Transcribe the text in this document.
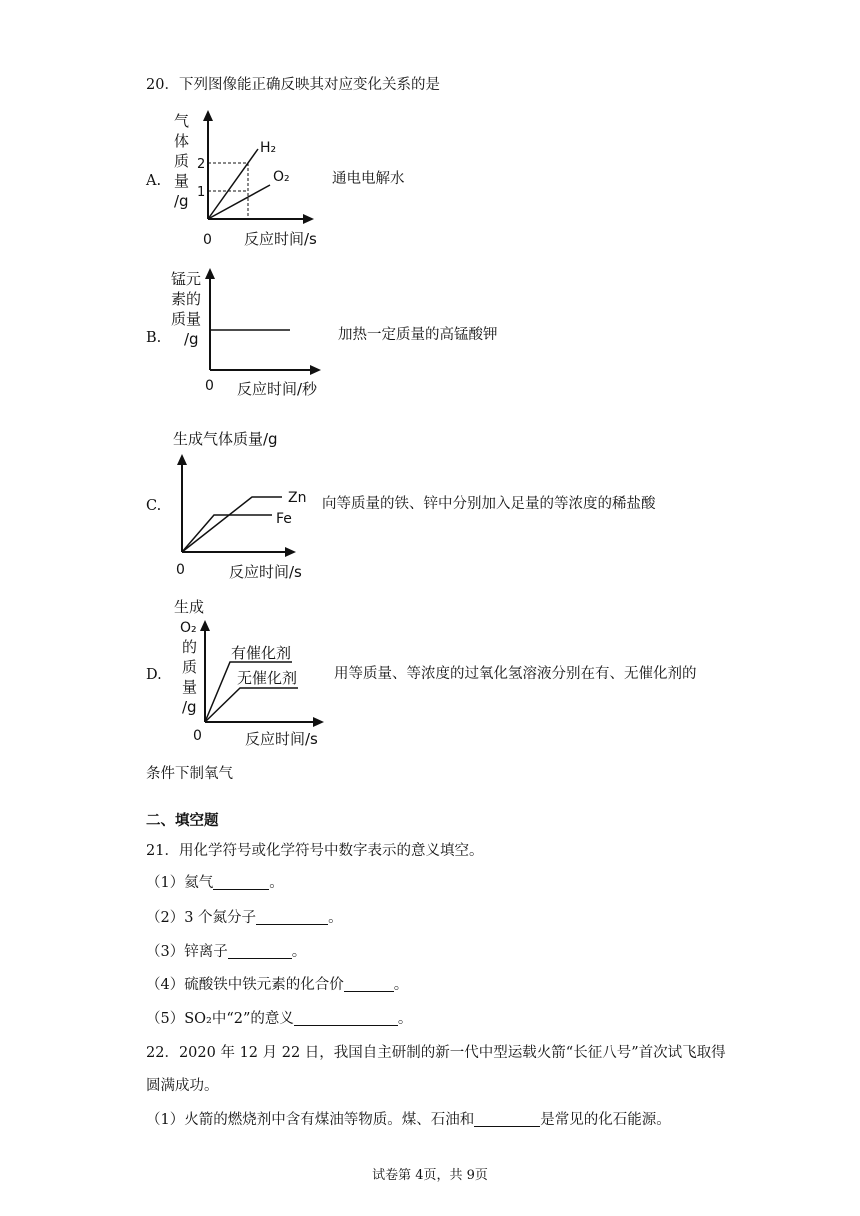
20．下列图像能正确反映其对应变化关系的是
A.
气
体
质
量
/g
2
1
H₂
O₂
0 反应时间/s
通电电解水
B.
锰元
素的
质量
/g
0 反应时间/秒
加热一定质量的高锰酸钾
C.
生成气体质量/g
Zn
Fe
0	反应时间/s
向等质量的铁、锌中分别加入足量的等浓度的稀盐酸
D.
生成
O₂
的
质
量
/g
有催化剂
无催化剂
0	反应时间/s
用等质量、等浓度的过氧化氢溶液分别在有、无催化剂的
条件下制氧气
二、填空题
21．用化学符号或化学符号中数字表示的意义填空。
（1）氦气	。
（2）3 个氮分子	。
（3）锌离子	。
（4）硫酸铁中铁元素的化合价	。
（5）SO₂中“2”的意义	。
22．2020 年 12 月 22 日，我国自主研制的新一代中型运载火箭“长征八号”首次试飞取得
圆满成功。
（1）火箭的燃烧剂中含有煤油等物质。煤、石油和	是常见的化石能源。
试卷第 4页，共 9页
